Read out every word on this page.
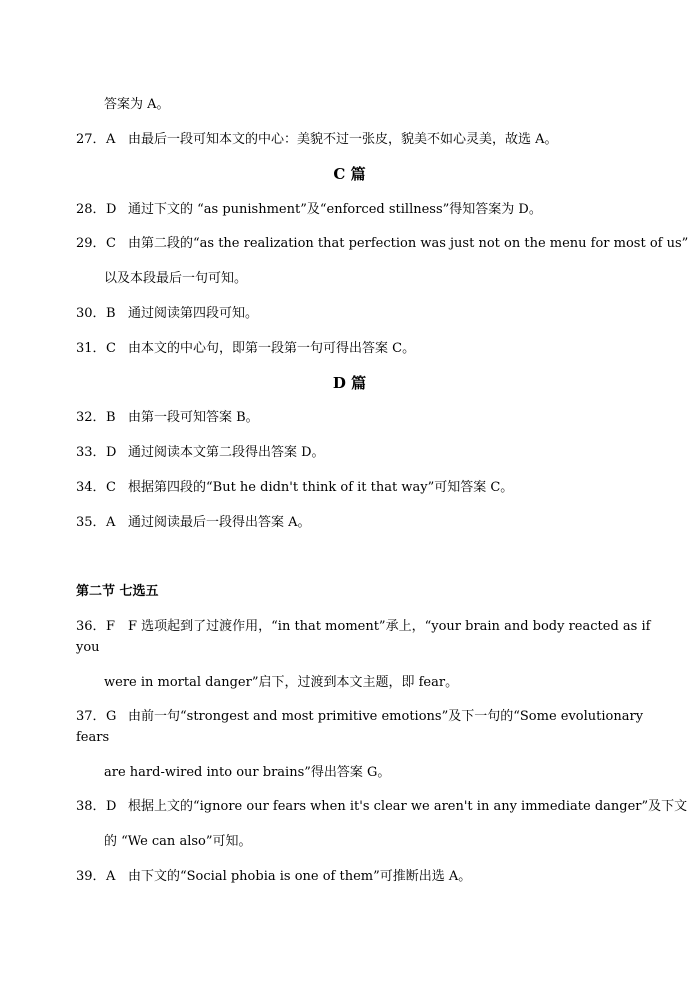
答案为 A。
27．A 由最后一段可知本文的中心：美貌不过一张皮，貌美不如心灵美，故选 A。
C 篇
28．D 通过下文的 “as punishment”及“enforced stillness”得知答案为 D。
29．C 由第二段的“as the realization that perfection was just not on the menu for most of us”
以及本段最后一句可知。
30．B 通过阅读第四段可知。
31．C 由本文的中心句，即第一段第一句可得出答案 C。
D 篇
32．B 由第一段可知答案 B。
33．D 通过阅读本文第二段得出答案 D。
34．C 根据第四段的“But he didn't think of it that way”可知答案 C。
35．A 通过阅读最后一段得出答案 A。
第二节 七选五
36．F F 选项起到了过渡作用，“in that moment”承上，“your brain and body reacted as if
you
were in mortal danger”启下，过渡到本文主题，即 fear。
37．G 由前一句“strongest and most primitive emotions”及下一句的“Some evolutionary
fears
are hard-wired into our brains”得出答案 G。
38．D 根据上文的“ignore our fears when it's clear we aren't in any immediate danger”及下文
的 “We can also”可知。
39．A 由下文的“Social phobia is one of them”可推断出选 A。
